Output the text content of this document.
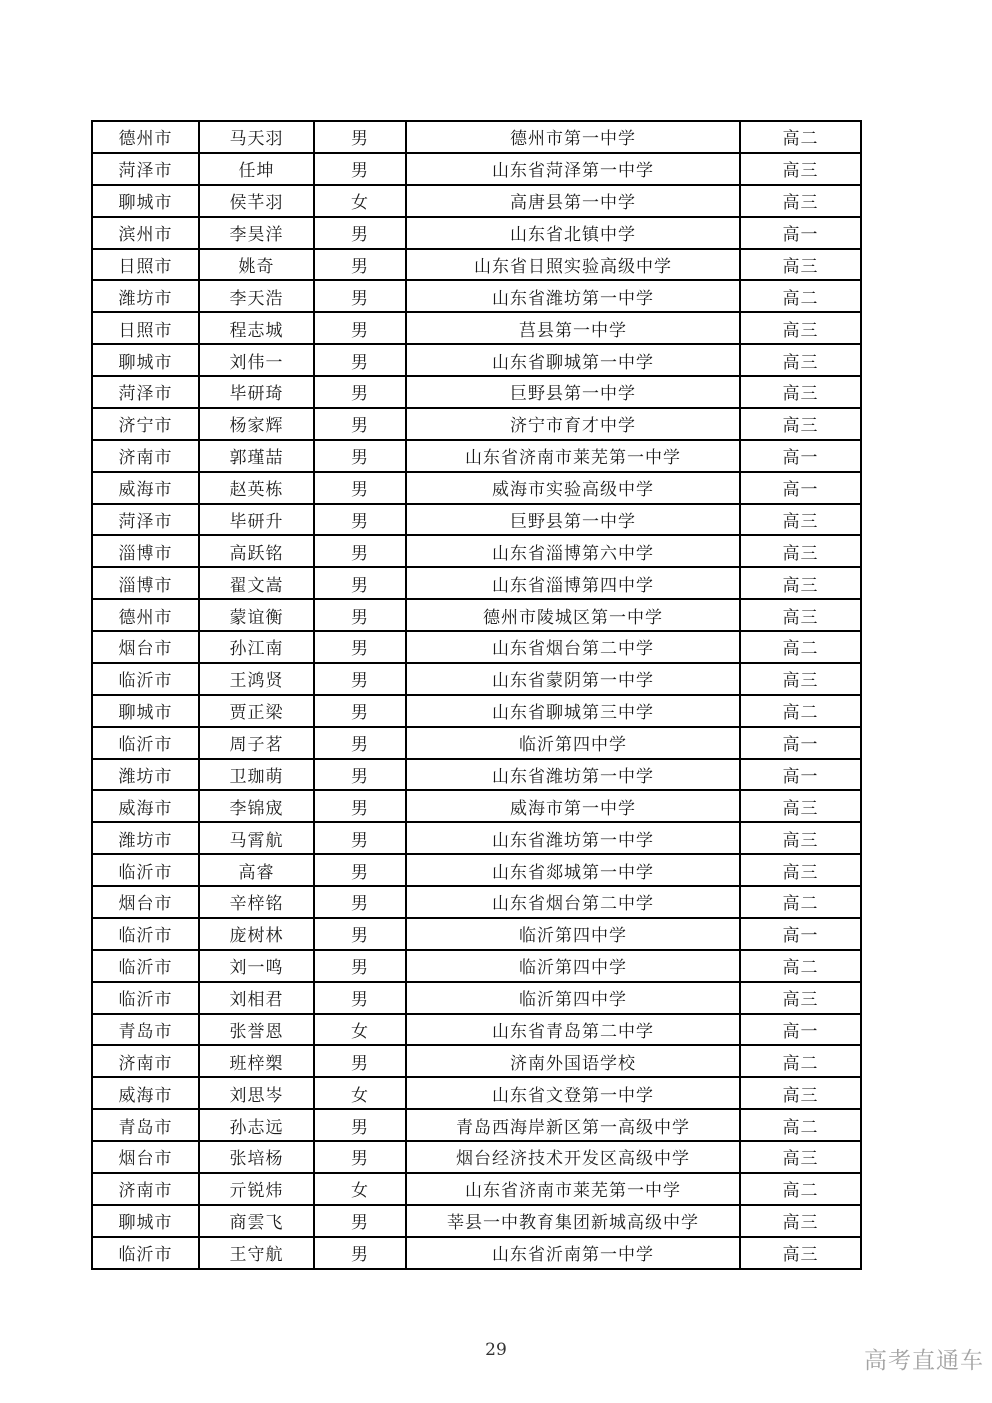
德州市	马天羽	男	德州市第一中学	高二
菏泽市	任坤	男	山东省菏泽第一中学	高三
聊城市	侯芊羽	女	高唐县第一中学	高三
滨州市	李昊洋	男	山东省北镇中学	高一
日照市	姚奇	男	山东省日照实验高级中学	高三
潍坊市	李天浩	男	山东省潍坊第一中学	高二
日照市	程志城	男	莒县第一中学	高三
聊城市	刘伟一	男	山东省聊城第一中学	高三
菏泽市	毕研琦	男	巨野县第一中学	高三
济宁市	杨家辉	男	济宁市育才中学	高三
济南市	郭瑾喆	男	山东省济南市莱芜第一中学	高一
威海市	赵英栋	男	威海市实验高级中学	高一
菏泽市	毕研升	男	巨野县第一中学	高三
淄博市	高跃铭	男	山东省淄博第六中学	高三
淄博市	翟文嵩	男	山东省淄博第四中学	高三
德州市	蒙谊衡	男	德州市陵城区第一中学	高三
烟台市	孙江南	男	山东省烟台第二中学	高二
临沂市	王鸿贤	男	山东省蒙阴第一中学	高三
聊城市	贾正梁	男	山东省聊城第三中学	高二
临沂市	周子茗	男	临沂第四中学	高一
潍坊市	卫珈萌	男	山东省潍坊第一中学	高一
威海市	李锦宬	男	威海市第一中学	高三
潍坊市	马霄航	男	山东省潍坊第一中学	高三
临沂市	高睿	男	山东省郯城第一中学	高三
烟台市	辛梓铭	男	山东省烟台第二中学	高二
临沂市	庞树林	男	临沂第四中学	高一
临沂市	刘一鸣	男	临沂第四中学	高二
临沂市	刘相君	男	临沂第四中学	高三
青岛市	张誉恩	女	山东省青岛第二中学	高一
济南市	班梓槊	男	济南外国语学校	高二
威海市	刘思岑	女	山东省文登第一中学	高三
青岛市	孙志远	男	青岛西海岸新区第一高级中学	高二
烟台市	张培杨	男	烟台经济技术开发区高级中学	高三
济南市	亓锐炜	女	山东省济南市莱芜第一中学	高二
聊城市	商雲飞	男	莘县一中教育集团新城高级中学	高三
临沂市	王守航	男	山东省沂南第一中学	高三
29	高考直通车
